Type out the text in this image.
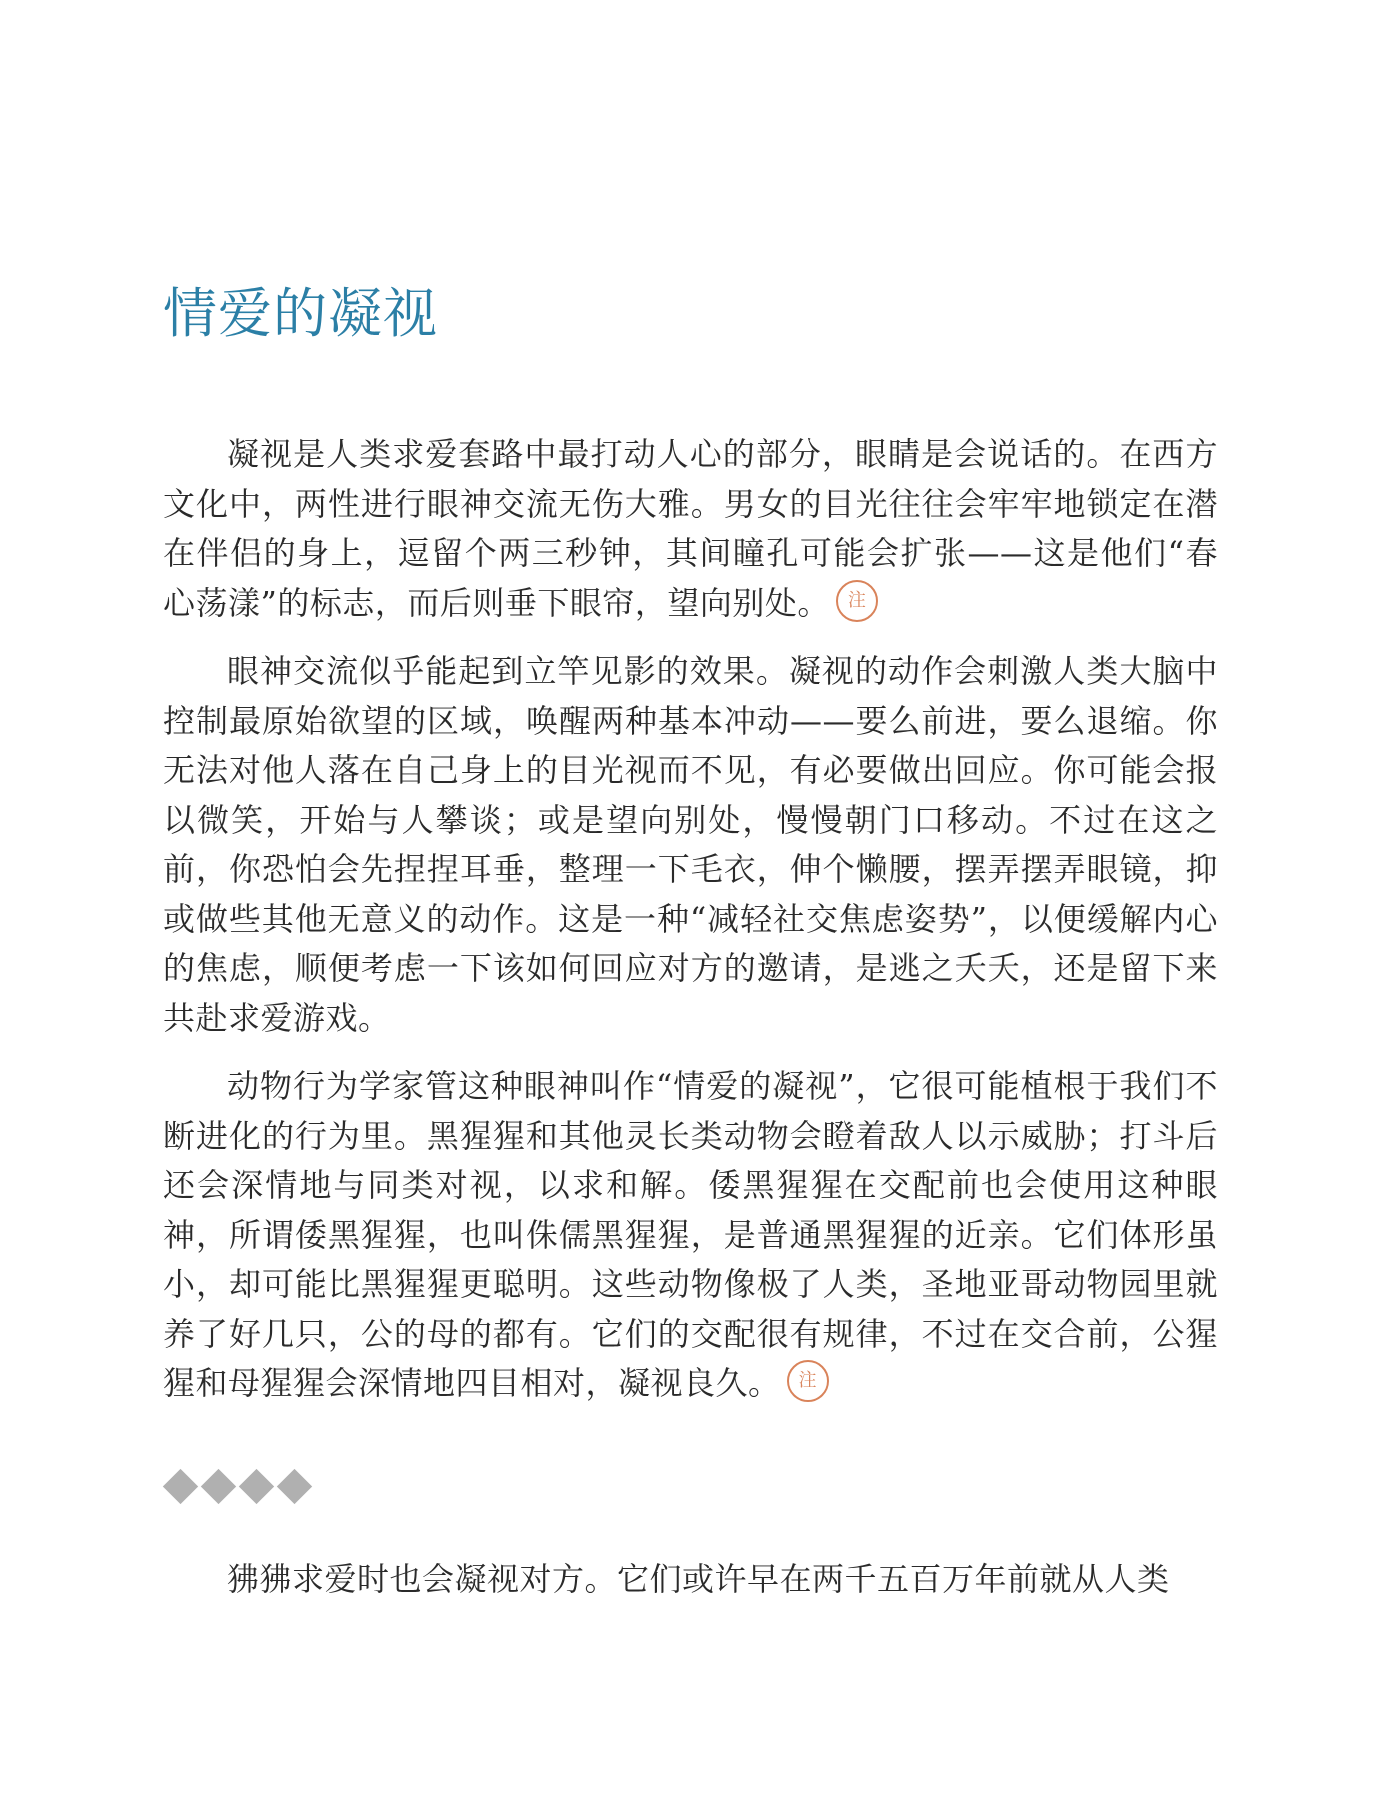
情爱的凝视

凝视是人类求爱套路中最打动人心的部分，眼睛是会说话的。在西方文化中，两性进行眼神交流无伤大雅。男女的目光往往会牢牢地锁定在潜在伴侣的身上，逗留个两三秒钟，其间瞳孔可能会扩张——这是他们“春心荡漾”的标志，而后则垂下眼帘，望向别处。 注

眼神交流似乎能起到立竿见影的效果。凝视的动作会刺激人类大脑中控制最原始欲望的区域，唤醒两种基本冲动——要么前进，要么退缩。你无法对他人落在自己身上的目光视而不见，有必要做出回应。你可能会报以微笑，开始与人攀谈；或是望向别处，慢慢朝门口移动。不过在这之前，你恐怕会先捏捏耳垂，整理一下毛衣，伸个懒腰，摆弄摆弄眼镜，抑或做些其他无意义的动作。这是一种“减轻社交焦虑姿势”，以便缓解内心的焦虑，顺便考虑一下该如何回应对方的邀请，是逃之夭夭，还是留下来共赴求爱游戏。

动物行为学家管这种眼神叫作“情爱的凝视”，它很可能植根于我们不断进化的行为里。黑猩猩和其他灵长类动物会瞪着敌人以示威胁；打斗后还会深情地与同类对视，以求和解。倭黑猩猩在交配前也会使用这种眼神，所谓倭黑猩猩，也叫侏儒黑猩猩，是普通黑猩猩的近亲。它们体形虽小，却可能比黑猩猩更聪明。这些动物像极了人类，圣地亚哥动物园里就养了好几只，公的母的都有。它们的交配很有规律，不过在交合前，公猩猩和母猩猩会深情地四目相对，凝视良久。 注

狒狒求爱时也会凝视对方。它们或许早在两千五百万年前就从人类
